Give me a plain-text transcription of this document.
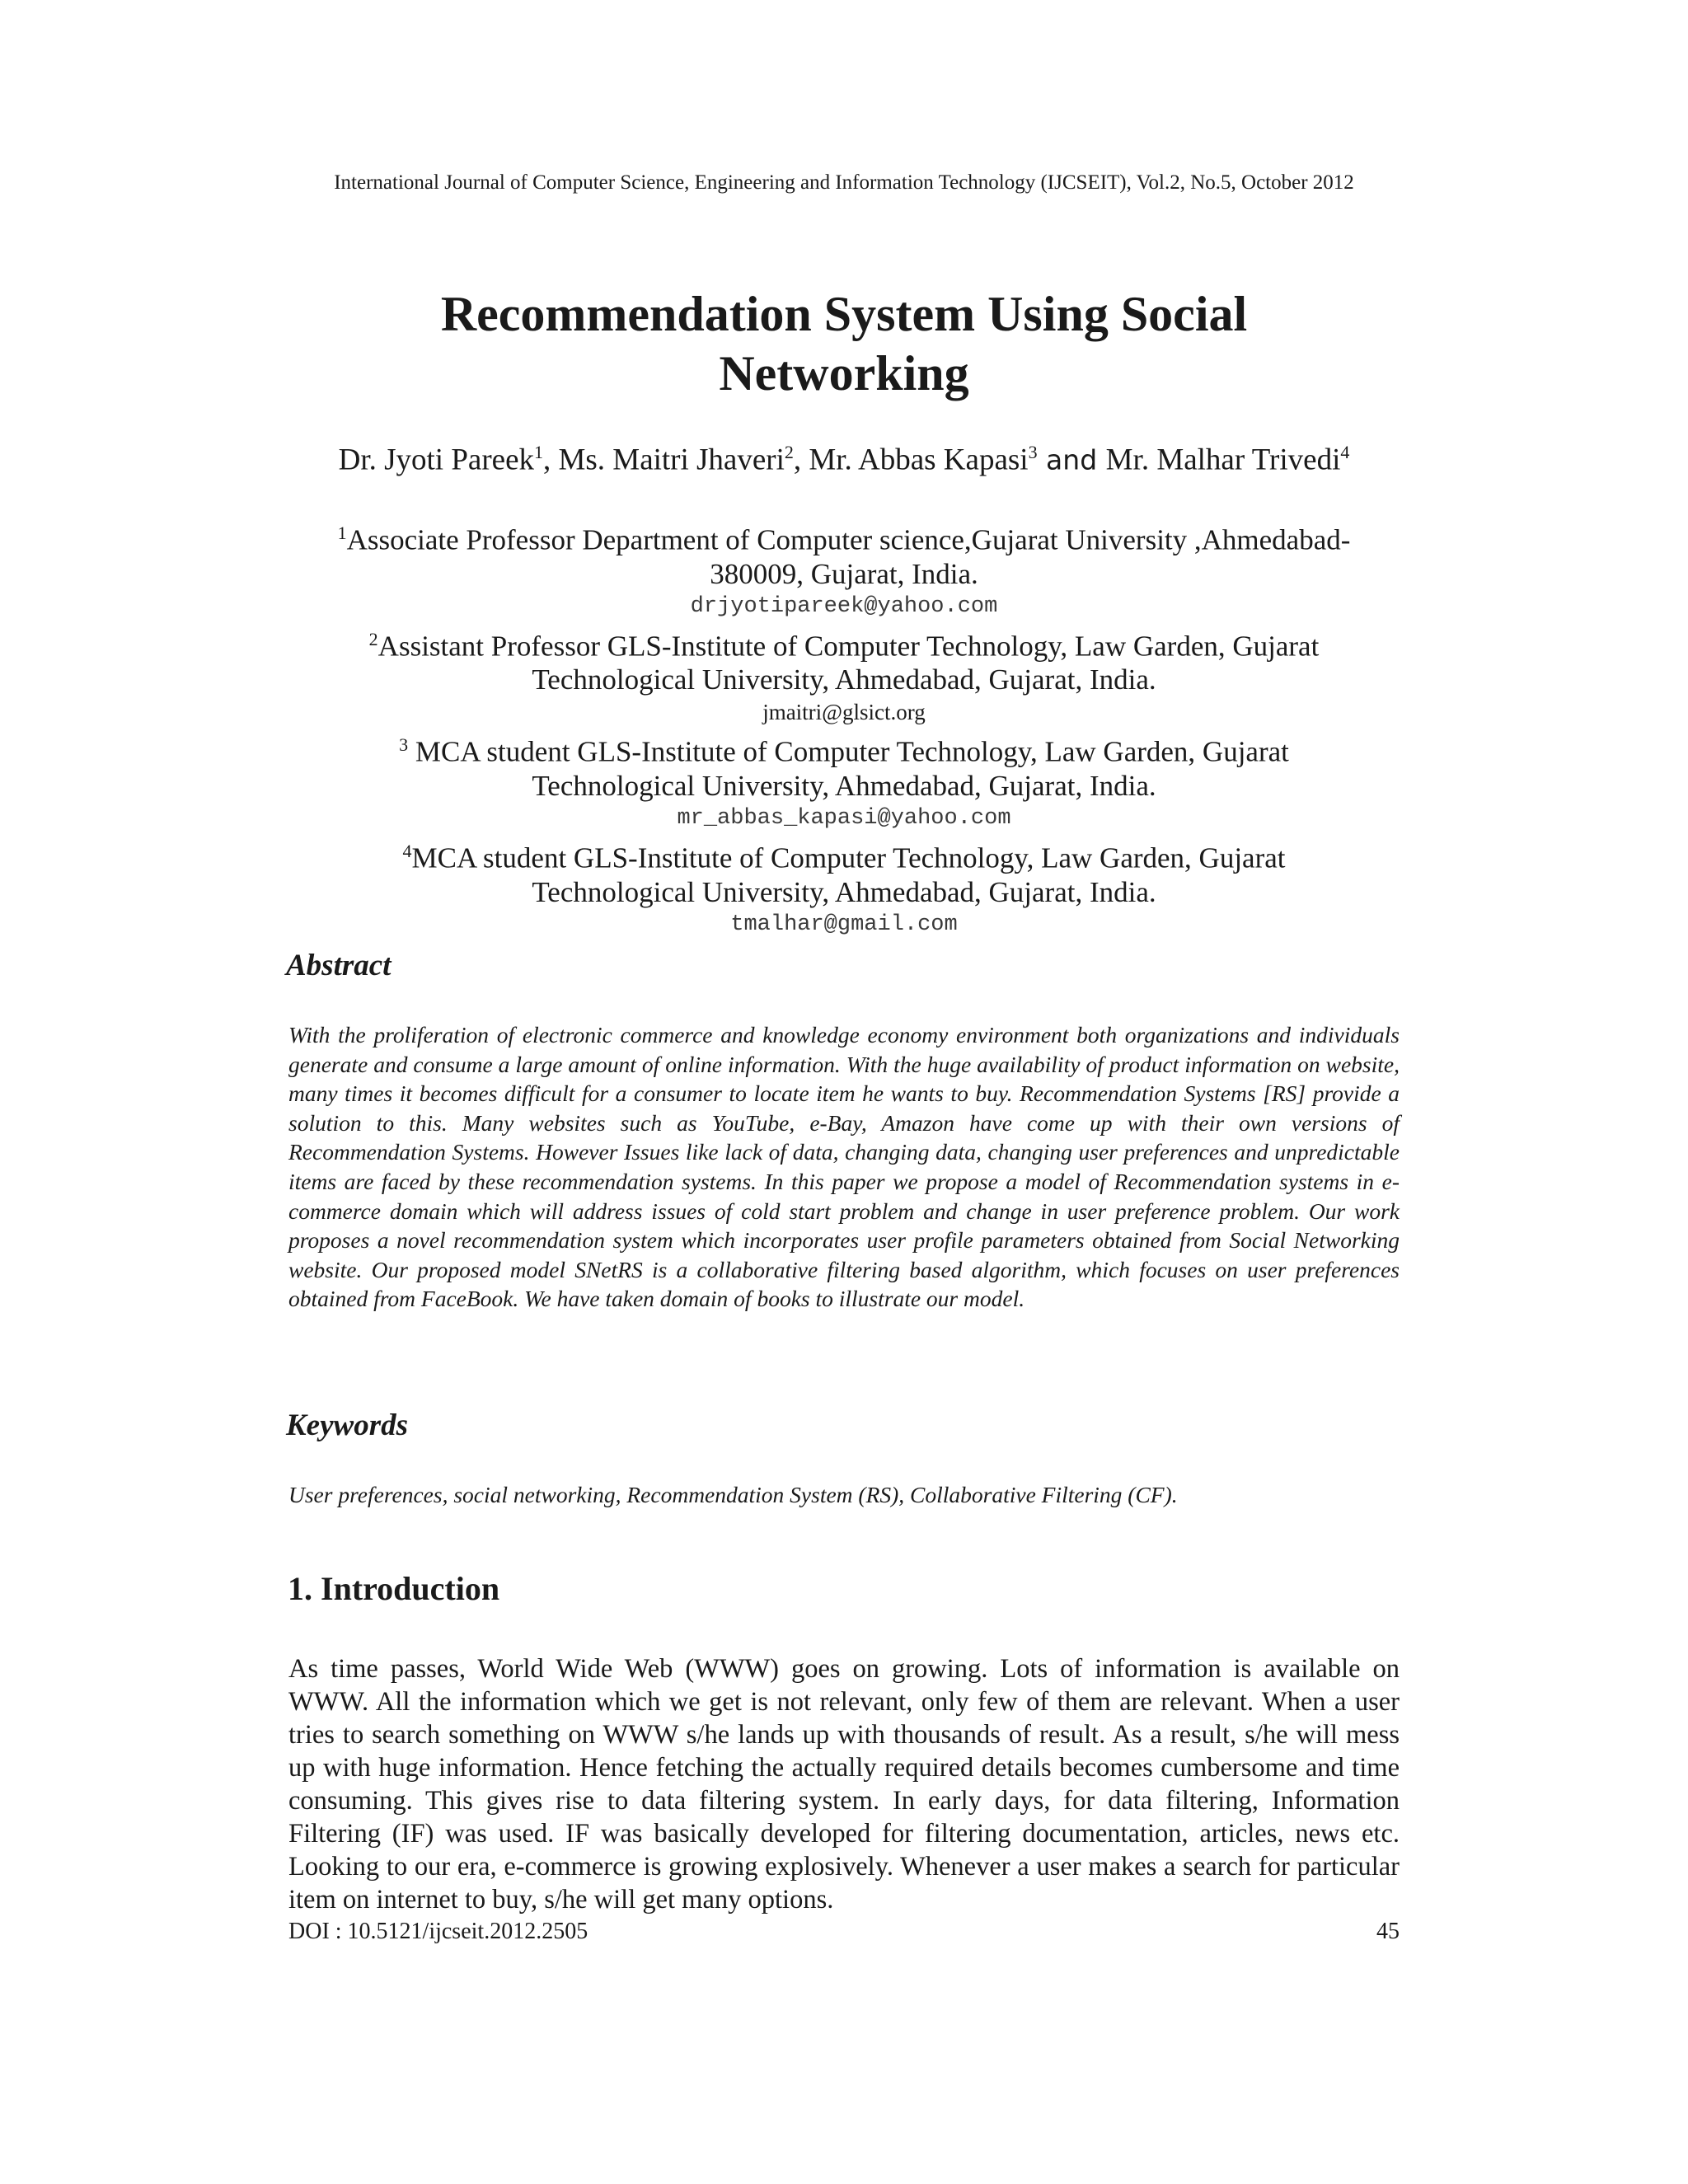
International Journal of Computer Science, Engineering and Information Technology (IJCSEIT), Vol.2, No.5, October 2012
Recommendation System Using Social
Networking
Dr. Jyoti Pareek$^1$, Ms. Maitri Jhaveri$^2$, Mr. Abbas Kapasi$^3$ and Mr. Malhar Trivedi$^4$
$^1$Associate Professor Department of Computer science,Gujarat University ,Ahmedabad-
380009, Gujarat, India.
drjyotipareek@yahoo.com
$^2$Assistant Professor GLS-Institute of Computer Technology, Law Garden, Gujarat
Technological University, Ahmedabad, Gujarat, India.
jmaitri@glsict.org
$^3$ MCA student GLS-Institute of Computer Technology, Law Garden, Gujarat
Technological University, Ahmedabad, Gujarat, India.
mr_abbas_kapasi@yahoo.com
$^4$MCA student GLS-Institute of Computer Technology, Law Garden, Gujarat
Technological University, Ahmedabad, Gujarat, India.
tmalhar@gmail.com
Abstract
With the proliferation of electronic commerce and knowledge economy environment both organizations and individuals generate and consume a large amount of online information. With the huge availability of product information on website, many times it becomes difficult for a consumer to locate item he wants to buy. Recommendation Systems [RS] provide a solution to this. Many websites such as YouTube, e-Bay, Amazon have come up with their own versions of Recommendation Systems. However Issues like lack of data, changing data, changing user preferences and unpredictable items are faced by these recommendation systems. In this paper we propose a model of Recommendation systems in e-commerce domain which will address issues of cold start problem and change in user preference problem. Our work proposes a novel recommendation system which incorporates user profile parameters obtained from Social Networking website. Our proposed model SNetRS is a collaborative filtering based algorithm, which focuses on user preferences obtained from FaceBook. We have taken domain of books to illustrate our model.
Keywords
User preferences, social networking, Recommendation System (RS), Collaborative Filtering (CF).
1. Introduction
As time passes, World Wide Web (WWW) goes on growing. Lots of information is available on WWW. All the information which we get is not relevant, only few of them are relevant. When a user tries to search something on WWW s/he lands up with thousands of result. As a result, s/he will mess up with huge information. Hence fetching the actually required details becomes cumbersome and time consuming. This gives rise to data filtering system. In early days, for data filtering, Information Filtering (IF) was used. IF was basically developed for filtering documentation, articles, news etc. Looking to our era, e-commerce is growing explosively. Whenever a user makes a search for particular item on internet to buy, s/he will get many options.
DOI : 10.5121/ijcseit.2012.2505	45
